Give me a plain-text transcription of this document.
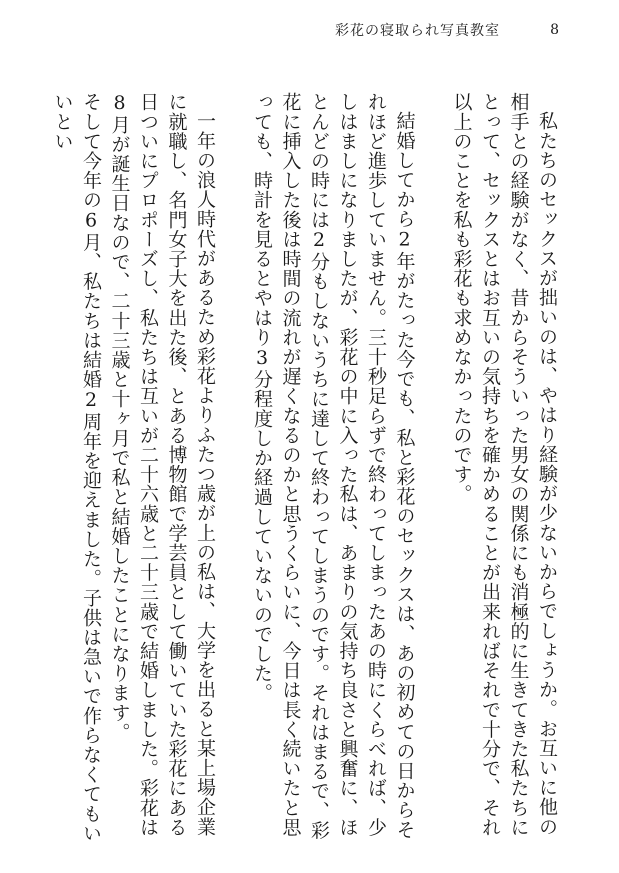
彩花の寝取られ写真教室	8

私たちのセックスが拙いのは、やはり経験が少ないからでしょうか。お互いに他の相手との経験がなく、昔からそういった男女の関係にも消極的に生きてきた私たちにとって、セックスとはお互いの気持ちを確かめることが出来ればそれで十分で、それ以上のことを私も彩花も求めなかったのです。

結婚してから2年がたった今でも、私と彩花のセックスは、あの初めての日からそれほど進歩していません。三十秒足らずで終わってしまったあの時にくらべれば、少しはましになりましたが、彩花の中に入った私は、あまりの気持ち良さと興奮に、ほとんどの時には2分もしないうちに達して終わってしまうのです。それはまるで、彩花に挿入した後は時間の流れが遅くなるのかと思うくらいに、今日は長く続いたと思っても、時計を見るとやはり3分程度しか経過していないのでした。

一年の浪人時代があるため彩花よりふたつ歳が上の私は、大学を出ると某上場企業に就職し、名門女子大を出た後、とある博物館で学芸員として働いていた彩花にある日ついにプロポーズし、私たちは互いが二十六歳と二十三歳で結婚しました。彩花は8月が誕生日なので、二十三歳と十ヶ月で私と結婚したことになります。

そして今年の6月、私たちは結婚2周年を迎えました。子供は急いで作らなくてもいいとい
